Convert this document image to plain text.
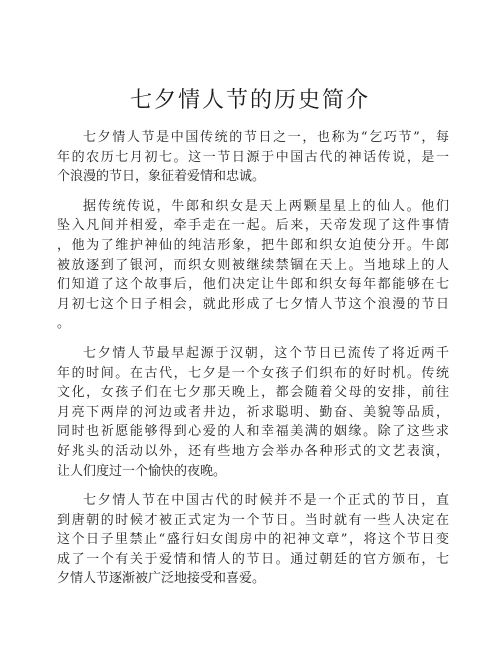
七夕情人节的历史简介
七夕情人节是中国传统的节日之一，也称为“乞巧节”，每
年的农历七月初七。这一节日源于中国古代的神话传说，是一
个浪漫的节日，象征着爱情和忠诚。
据传统传说，牛郎和织女是天上两颗星星上的仙人。他们
坠入凡间并相爱，牵手走在一起。后来，天帝发现了这件事情
，他为了维护神仙的纯洁形象，把牛郎和织女迫使分开。牛郎
被放逐到了银河，而织女则被继续禁锢在天上。当地球上的人
们知道了这个故事后，他们决定让牛郎和织女每年都能够在七
月初七这个日子相会，就此形成了七夕情人节这个浪漫的节日
。
七夕情人节最早起源于汉朝，这个节日已流传了将近两千
年的时间。在古代，七夕是一个女孩子们织布的好时机。传统
文化，女孩子们在七夕那天晚上，都会随着父母的安排，前往
月亮下两岸的河边或者井边，祈求聪明、勤奋、美貌等品质，
同时也祈愿能够得到心爱的人和幸福美满的姻缘。除了这些求
好兆头的活动以外，还有些地方会举办各种形式的文艺表演，
让人们度过一个愉快的夜晚。
七夕情人节在中国古代的时候并不是一个正式的节日，直
到唐朝的时候才被正式定为一个节日。当时就有一些人决定在
这个日子里禁止“盛行妇女闺房中的祀神文章”，将这个节日变
成了一个有关于爱情和情人的节日。通过朝廷的官方颁布，七
夕情人节逐渐被广泛地接受和喜爱。
